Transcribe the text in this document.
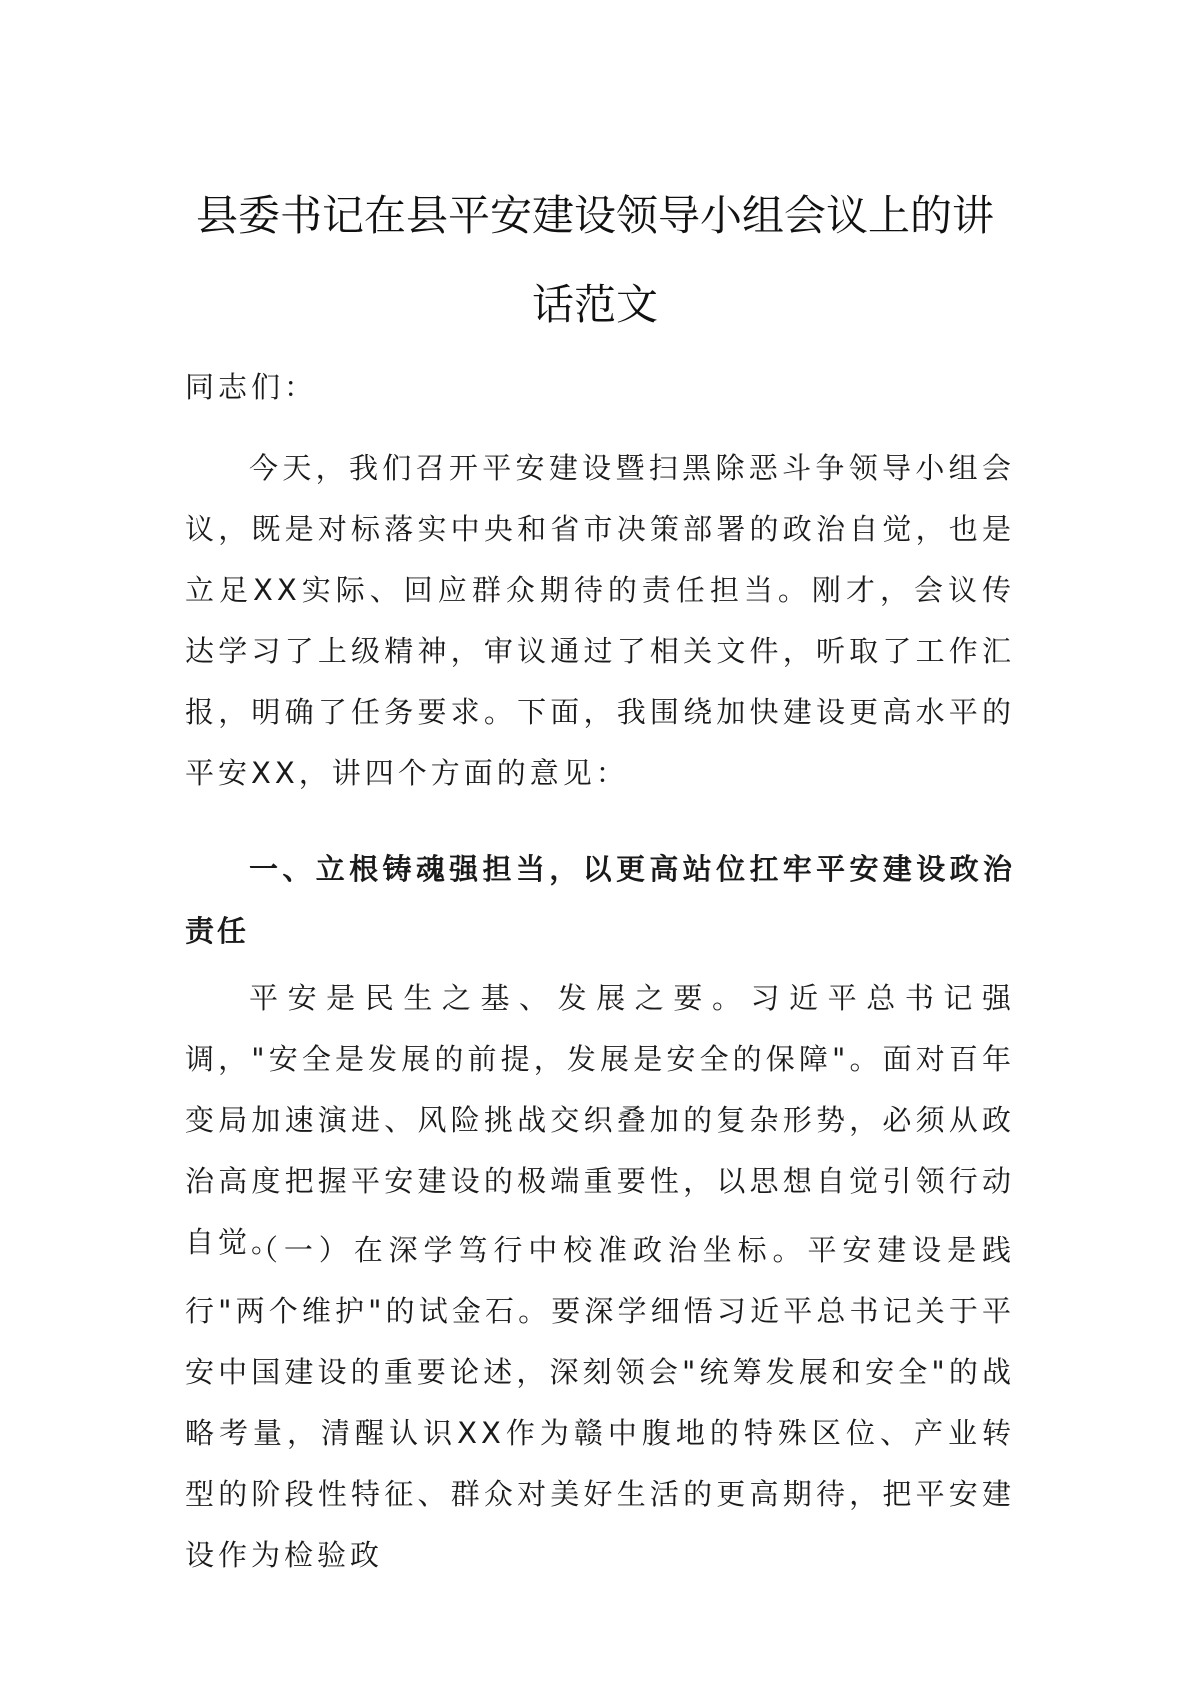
县委书记在县平安建设领导小组会议上的讲
话范文
同志们：
今天，我们召开平安建设暨扫黑除恶斗争领导小组会议，既是对标落实中央和省市决策部署的政治自觉，也是立足XX实际、回应群众期待的责任担当。刚才，会议传达学习了上级精神，审议通过了相关文件，听取了工作汇报，明确了任务要求。下面，我围绕加快建设更高水平的平安XX，讲四个方面的意见：
一、立根铸魂强担当，以更高站位扛牢平安建设政治责任
平安是民生之基、发展之要。习近平总书记强调，"安全是发展的前提，发展是安全的保障"。面对百年变局加速演进、风险挑战交织叠加的复杂形势，必须从政治高度把握平安建设的极端重要性，以思想自觉引领行动自觉。
（一）在深学笃行中校准政治坐标。平安建设是践行"两个维护"的试金石。要深学细悟习近平总书记关于平安中国建设的重要论述，深刻领会"统筹发展和安全"的战略考量，清醒认识XX作为赣中腹地的特殊区位、产业转型的阶段性特征、群众对美好生活的更高期待，把平安建设作为检验政
